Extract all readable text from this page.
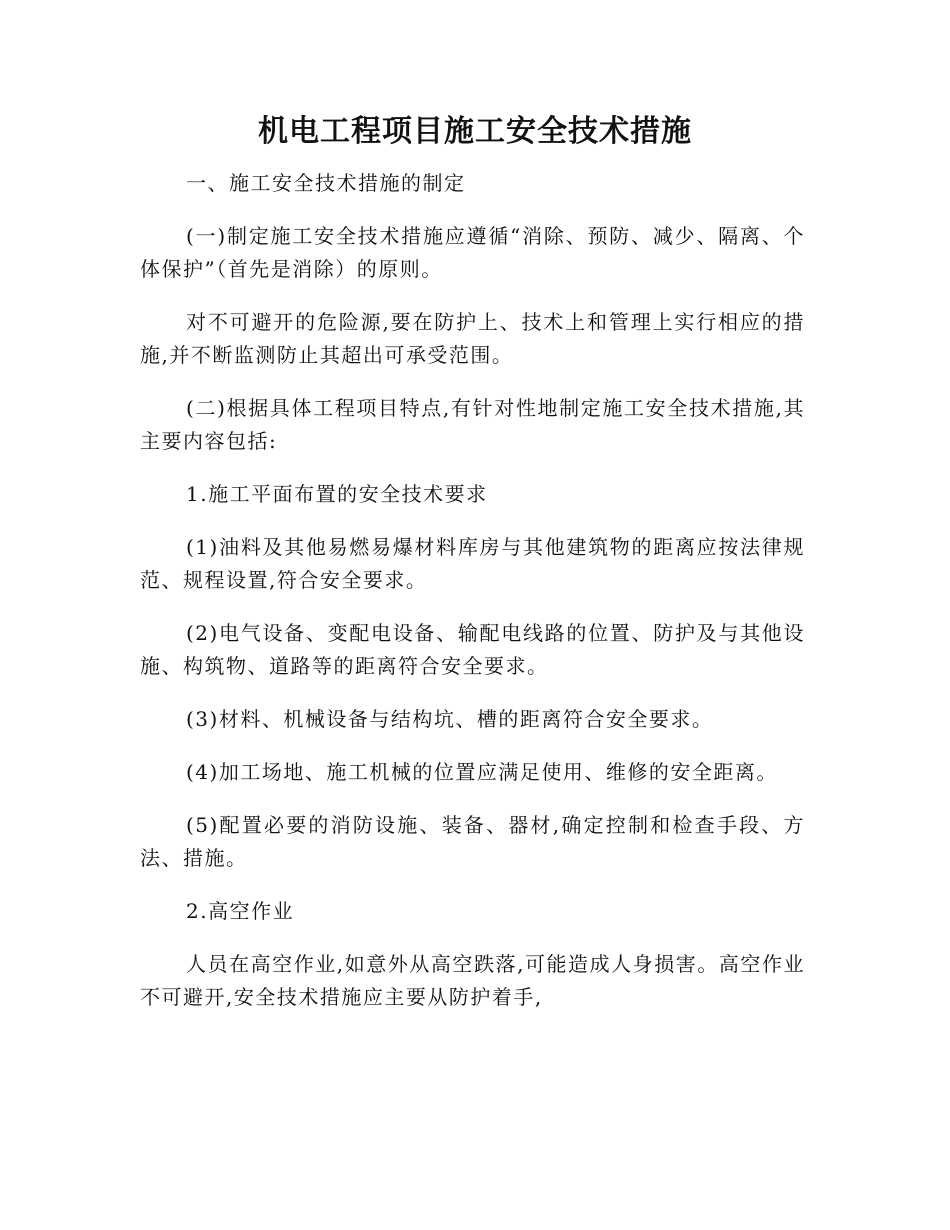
机电工程项目施工安全技术措施

一、施工安全技术措施的制定

(一)制定施工安全技术措施应遵循“消除、预防、减少、隔离、个体保护”（首先是消除）的原则。

对不可避开的危险源,要在防护上、技术上和管理上实行相应的措施,并不断监测防止其超出可承受范围。

(二)根据具体工程项目特点,有针对性地制定施工安全技术措施,其主要内容包括:

1.施工平面布置的安全技术要求

(1)油料及其他易燃易爆材料库房与其他建筑物的距离应按法律规范、规程设置,符合安全要求。

(2)电气设备、变配电设备、输配电线路的位置、防护及与其他设施、构筑物、道路等的距离符合安全要求。

(3)材料、机械设备与结构坑、槽的距离符合安全要求。

(4)加工场地、施工机械的位置应满足使用、维修的安全距离。

(5)配置必要的消防设施、装备、器材,确定控制和检查手段、方法、措施。

2.高空作业

人员在高空作业,如意外从高空跌落,可能造成人身损害。高空作业不可避开,安全技术措施应主要从防护着手,
